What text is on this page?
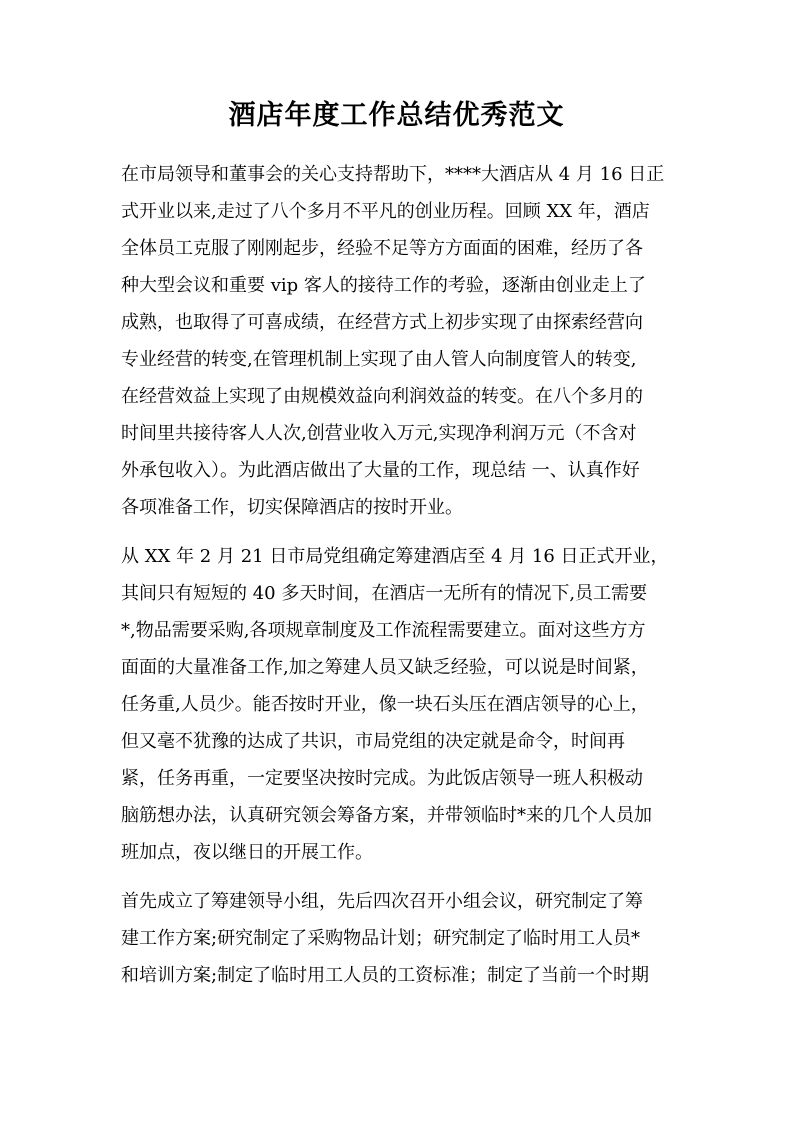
酒店年度工作总结优秀范文
在市局领导和董事会的关心支持帮助下，****大酒店从 4 月 16 日正
式开业以来,走过了八个多月不平凡的创业历程。回顾 XX 年，酒店
全体员工克服了刚刚起步，经验不足等方方面面的困难，经历了各
种大型会议和重要 vip 客人的接待工作的考验，逐渐由创业走上了
成熟，也取得了可喜成绩，在经营方式上初步实现了由探索经营向
专业经营的转变,在管理机制上实现了由人管人向制度管人的转变,
在经营效益上实现了由规模效益向利润效益的转变。在八个多月的
时间里共接待客人人次,创营业收入万元,实现净利润万元（不含对
外承包收入）。为此酒店做出了大量的工作，现总结 一、认真作好
各项准备工作，切实保障酒店的按时开业。
从 XX 年 2 月 21 日市局党组确定筹建酒店至 4 月 16 日正式开业，
其间只有短短的 40 多天时间，在酒店一无所有的情况下,员工需要
*,物品需要采购,各项规章制度及工作流程需要建立。面对这些方方
面面的大量准备工作,加之筹建人员又缺乏经验，可以说是时间紧，
任务重,人员少。能否按时开业，像一块石头压在酒店领导的心上，
但又毫不犹豫的达成了共识，市局党组的决定就是命令，时间再
紧，任务再重，一定要坚决按时完成。为此饭店领导一班人积极动
脑筋想办法，认真研究领会筹备方案，并带领临时*来的几个人员加
班加点，夜以继日的开展工作。
首先成立了筹建领导小组，先后四次召开小组会议，研究制定了筹
建工作方案;研究制定了采购物品计划；研究制定了临时用工人员*
和培训方案;制定了临时用工人员的工资标准；制定了当前一个时期
